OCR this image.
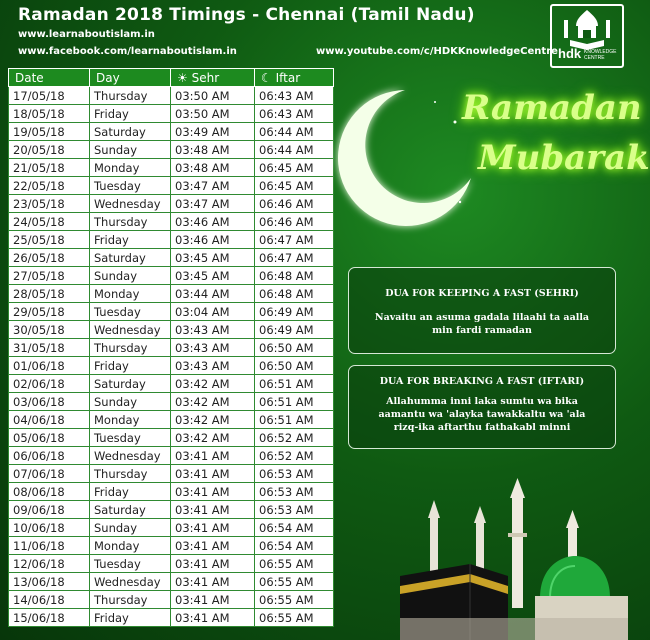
Ramadan 2018 Timings - Chennai (Tamil Nadu)
www.learnaboutislam.in
www.facebook.com/learnaboutislam.in	www.youtube.com/c/HDKKnowledgeCentre hdk KNOWLEDGE CENTRE
Date	Day	☀ Sehr	☾ Iftar
17/05/18	Thursday	03:50 AM	06:43 AM
18/05/18	Friday	03:50 AM	06:43 AM
19/05/18	Saturday	03:49 AM	06:44 AM
20/05/18	Sunday	03:48 AM	06:44 AM
21/05/18	Monday	03:48 AM	06:45 AM
22/05/18	Tuesday	03:47 AM	06:45 AM
23/05/18	Wednesday	03:47 AM	06:46 AM
24/05/18	Thursday	03:46 AM	06:46 AM
25/05/18	Friday	03:46 AM	06:47 AM
26/05/18	Saturday	03:45 AM	06:47 AM
27/05/18	Sunday	03:45 AM	06:48 AM
28/05/18	Monday	03:44 AM	06:48 AM
29/05/18	Tuesday	03:04 AM	06:49 AM
30/05/18	Wednesday	03:43 AM	06:49 AM
31/05/18	Thursday	03:43 AM	06:50 AM
01/06/18	Friday	03:43 AM	06:50 AM
02/06/18	Saturday	03:42 AM	06:51 AM
03/06/18	Sunday	03:42 AM	06:51 AM
04/06/18	Monday	03:42 AM	06:51 AM
05/06/18	Tuesday	03:42 AM	06:52 AM
06/06/18	Wednesday	03:41 AM	06:52 AM
07/06/18	Thursday	03:41 AM	06:53 AM
08/06/18	Friday	03:41 AM	06:53 AM
09/06/18	Saturday	03:41 AM	06:53 AM
10/06/18	Sunday	03:41 AM	06:54 AM
11/06/18	Monday	03:41 AM	06:54 AM
12/06/18	Tuesday	03:41 AM	06:55 AM
13/06/18	Wednesday	03:41 AM	06:55 AM
14/06/18	Thursday	03:41 AM	06:55 AM
15/06/18	Friday	03:41 AM	06:55 AM
Ramadan
Mubarak
DUA FOR KEEPING A FAST (SEHRI)
Navaitu an asuma gadala lilaahi ta aalla min fardi ramadan
DUA FOR BREAKING A FAST (IFTARI)
Allahumma inni laka sumtu wa bika aamantu wa 'alayka tawakkaltu wa 'ala rizq-ika aftarthu fathakabl minni
